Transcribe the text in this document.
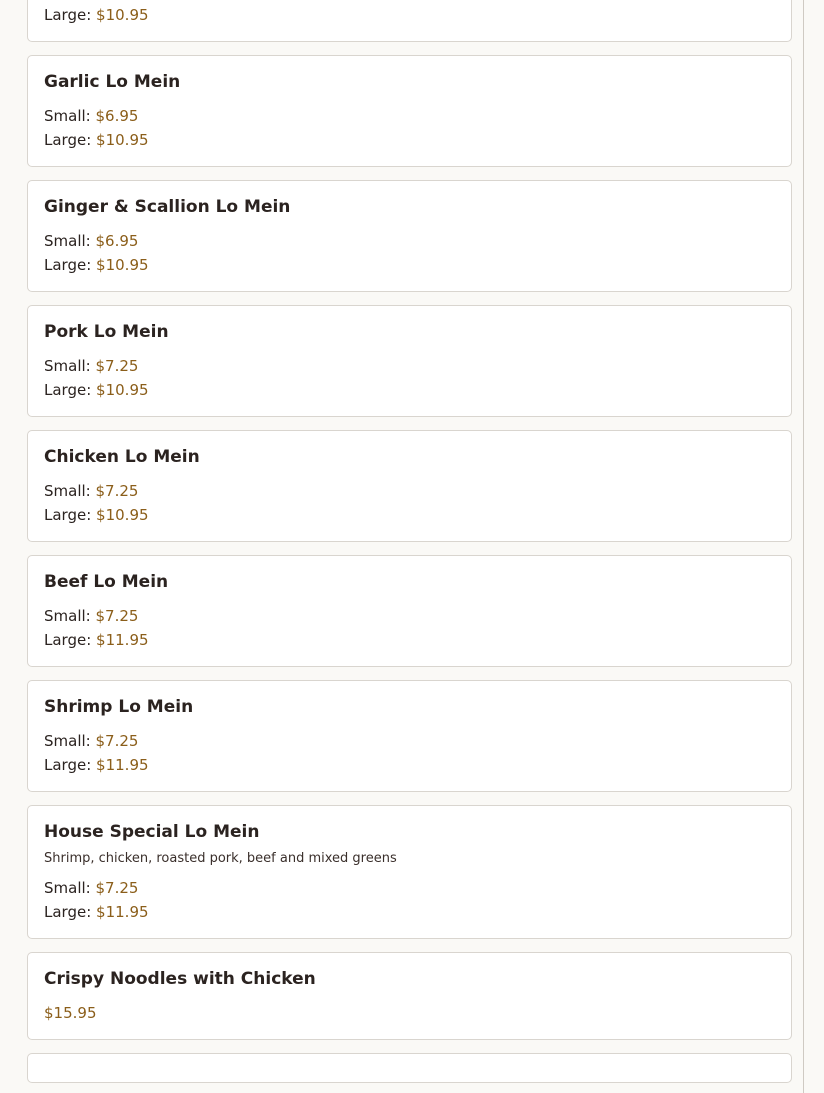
Large: $10.95
Garlic Lo Mein
Small: $6.95
Large: $10.95
Ginger & Scallion Lo Mein
Small: $6.95
Large: $10.95
Pork Lo Mein
Small: $7.25
Large: $10.95
Chicken Lo Mein
Small: $7.25
Large: $10.95
Beef Lo Mein
Small: $7.25
Large: $11.95
Shrimp Lo Mein
Small: $7.25
Large: $11.95
House Special Lo Mein
Shrimp, chicken, roasted pork, beef and mixed greens
Small: $7.25
Large: $11.95
Crispy Noodles with Chicken
$15.95
